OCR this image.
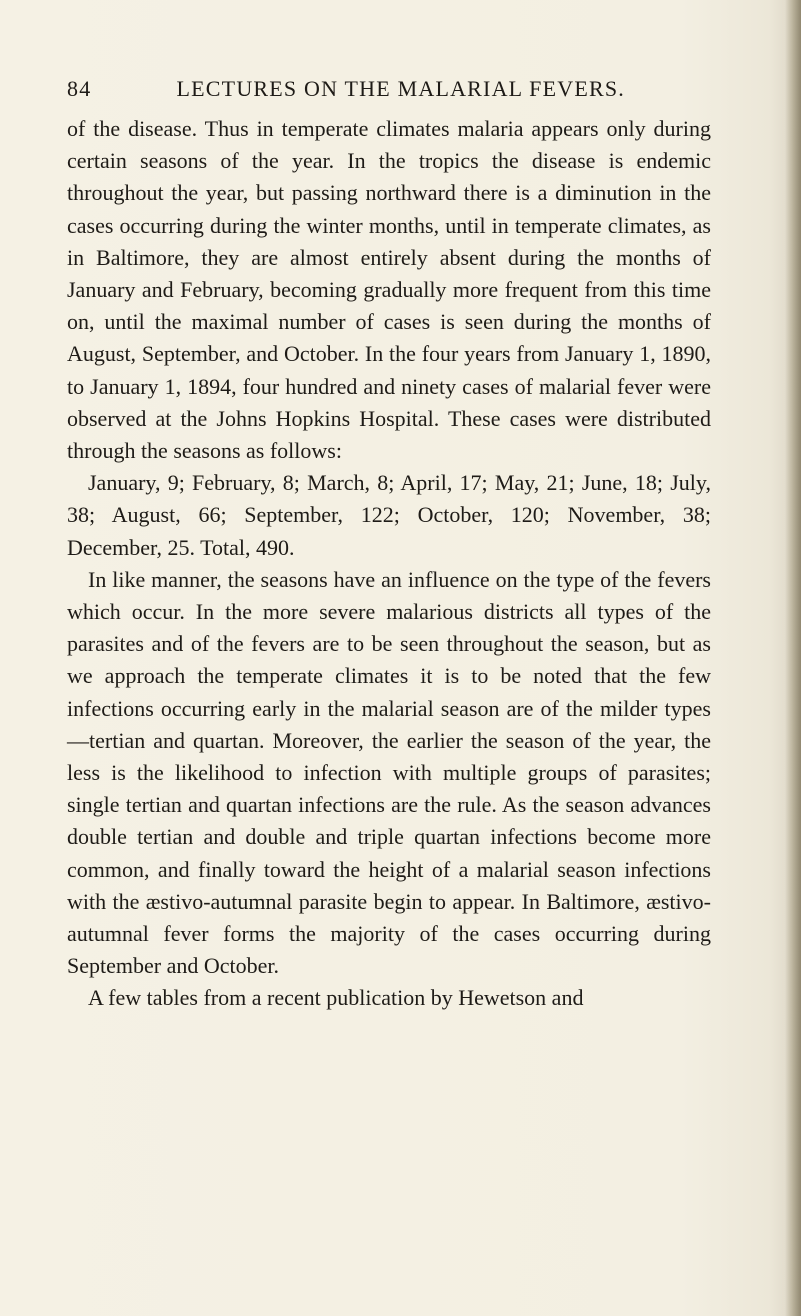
84	LECTURES ON THE MALARIAL FEVERS.

of the disease. Thus in temperate climates malaria appears only during certain seasons of the year. In the tropics the disease is endemic throughout the year, but passing northward there is a diminution in the cases occurring during the winter months, until in temperate climates, as in Baltimore, they are almost entirely absent during the months of January and February, becoming gradually more frequent from this time on, until the maximal number of cases is seen during the months of August, September, and October. In the four years from January 1, 1890, to January 1, 1894, four hundred and ninety cases of malarial fever were observed at the Johns Hopkins Hospital. These cases were distributed through the seasons as follows:

January, 9; February, 8; March, 8; April, 17; May, 21; June, 18; July, 38; August, 66; September, 122; October, 120; November, 38; December, 25. Total, 490.

In like manner, the seasons have an influence on the type of the fevers which occur. In the more severe malarious districts all types of the parasites and of the fevers are to be seen throughout the season, but as we approach the temperate climates it is to be noted that the few infections occurring early in the malarial season are of the milder types—tertian and quartan. Moreover, the earlier the season of the year, the less is the likelihood to infection with multiple groups of parasites; single tertian and quartan infections are the rule. As the season advances double tertian and double and triple quartan infections become more common, and finally toward the height of a malarial season infections with the æstivo-autumnal parasite begin to appear. In Baltimore, æstivo-autumnal fever forms the majority of the cases occurring during September and October.

A few tables from a recent publication by Hewetson and
